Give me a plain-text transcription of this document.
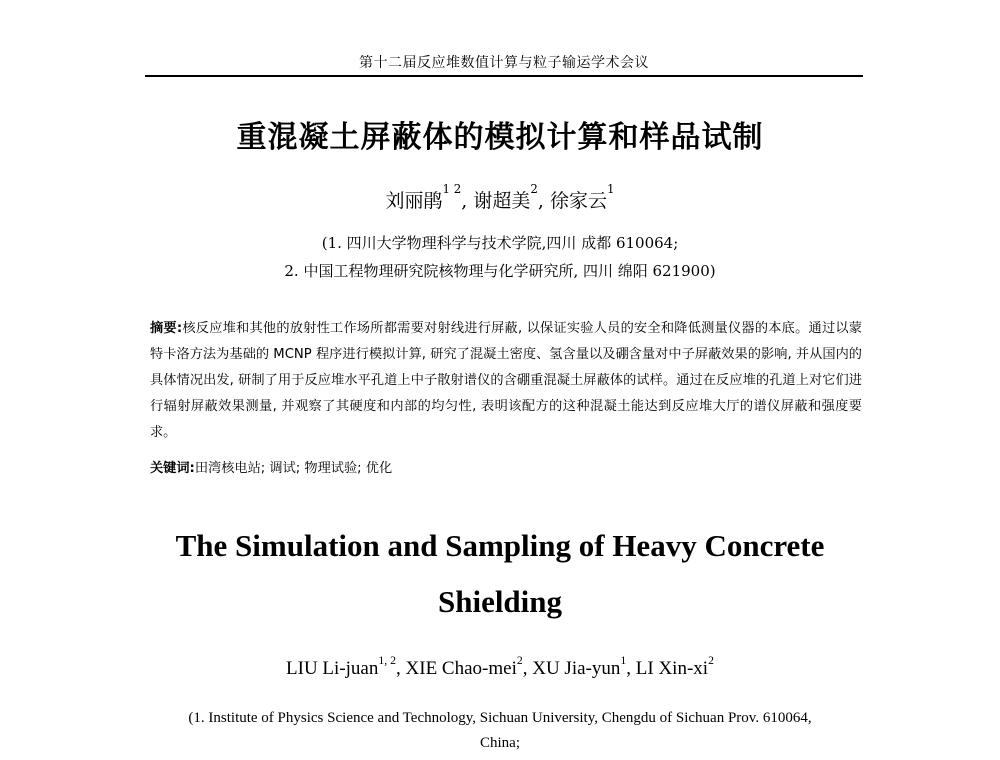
第十二届反应堆数值计算与粒子输运学术会议
重混凝土屏蔽体的模拟计算和样品试制
刘丽鹃$^{1 2}$, 谢超美$^2$, 徐家云$^1$
(1. 四川大学物理科学与技术学院,四川 成都 610064;
2. 中国工程物理研究院核物理与化学研究所, 四川 绵阳 621900)
摘要:核反应堆和其他的放射性工作场所都需要对射线进行屏蔽, 以保证实验人员的安全和降低测量仪器的本底。通过以蒙特卡洛方法为基础的 MCNP 程序进行模拟计算, 研究了混凝土密度、氢含量以及硼含量对中子屏蔽效果的影响, 并从国内的具体情况出发, 研制了用于反应堆水平孔道上中子散射谱仪的含硼重混凝土屏蔽体的试样。通过在反应堆的孔道上对它们进行辐射屏蔽效果测量, 并观察了其硬度和内部的均匀性, 表明该配方的这种混凝土能达到反应堆大厅的谱仪屏蔽和强度要求。
关键词:田湾核电站; 调试; 物理试验; 优化
The Simulation and Sampling of Heavy Concrete
Shielding
LIU Li-juan$^{1, 2}$, XIE Chao-mei$^2$, XU Jia-yun$^1$, LI Xin-$xi^2$
(1. Institute of Physics Science and Technology, Sichuan University, Chengdu of Sichuan Prov. 610064,
China;
